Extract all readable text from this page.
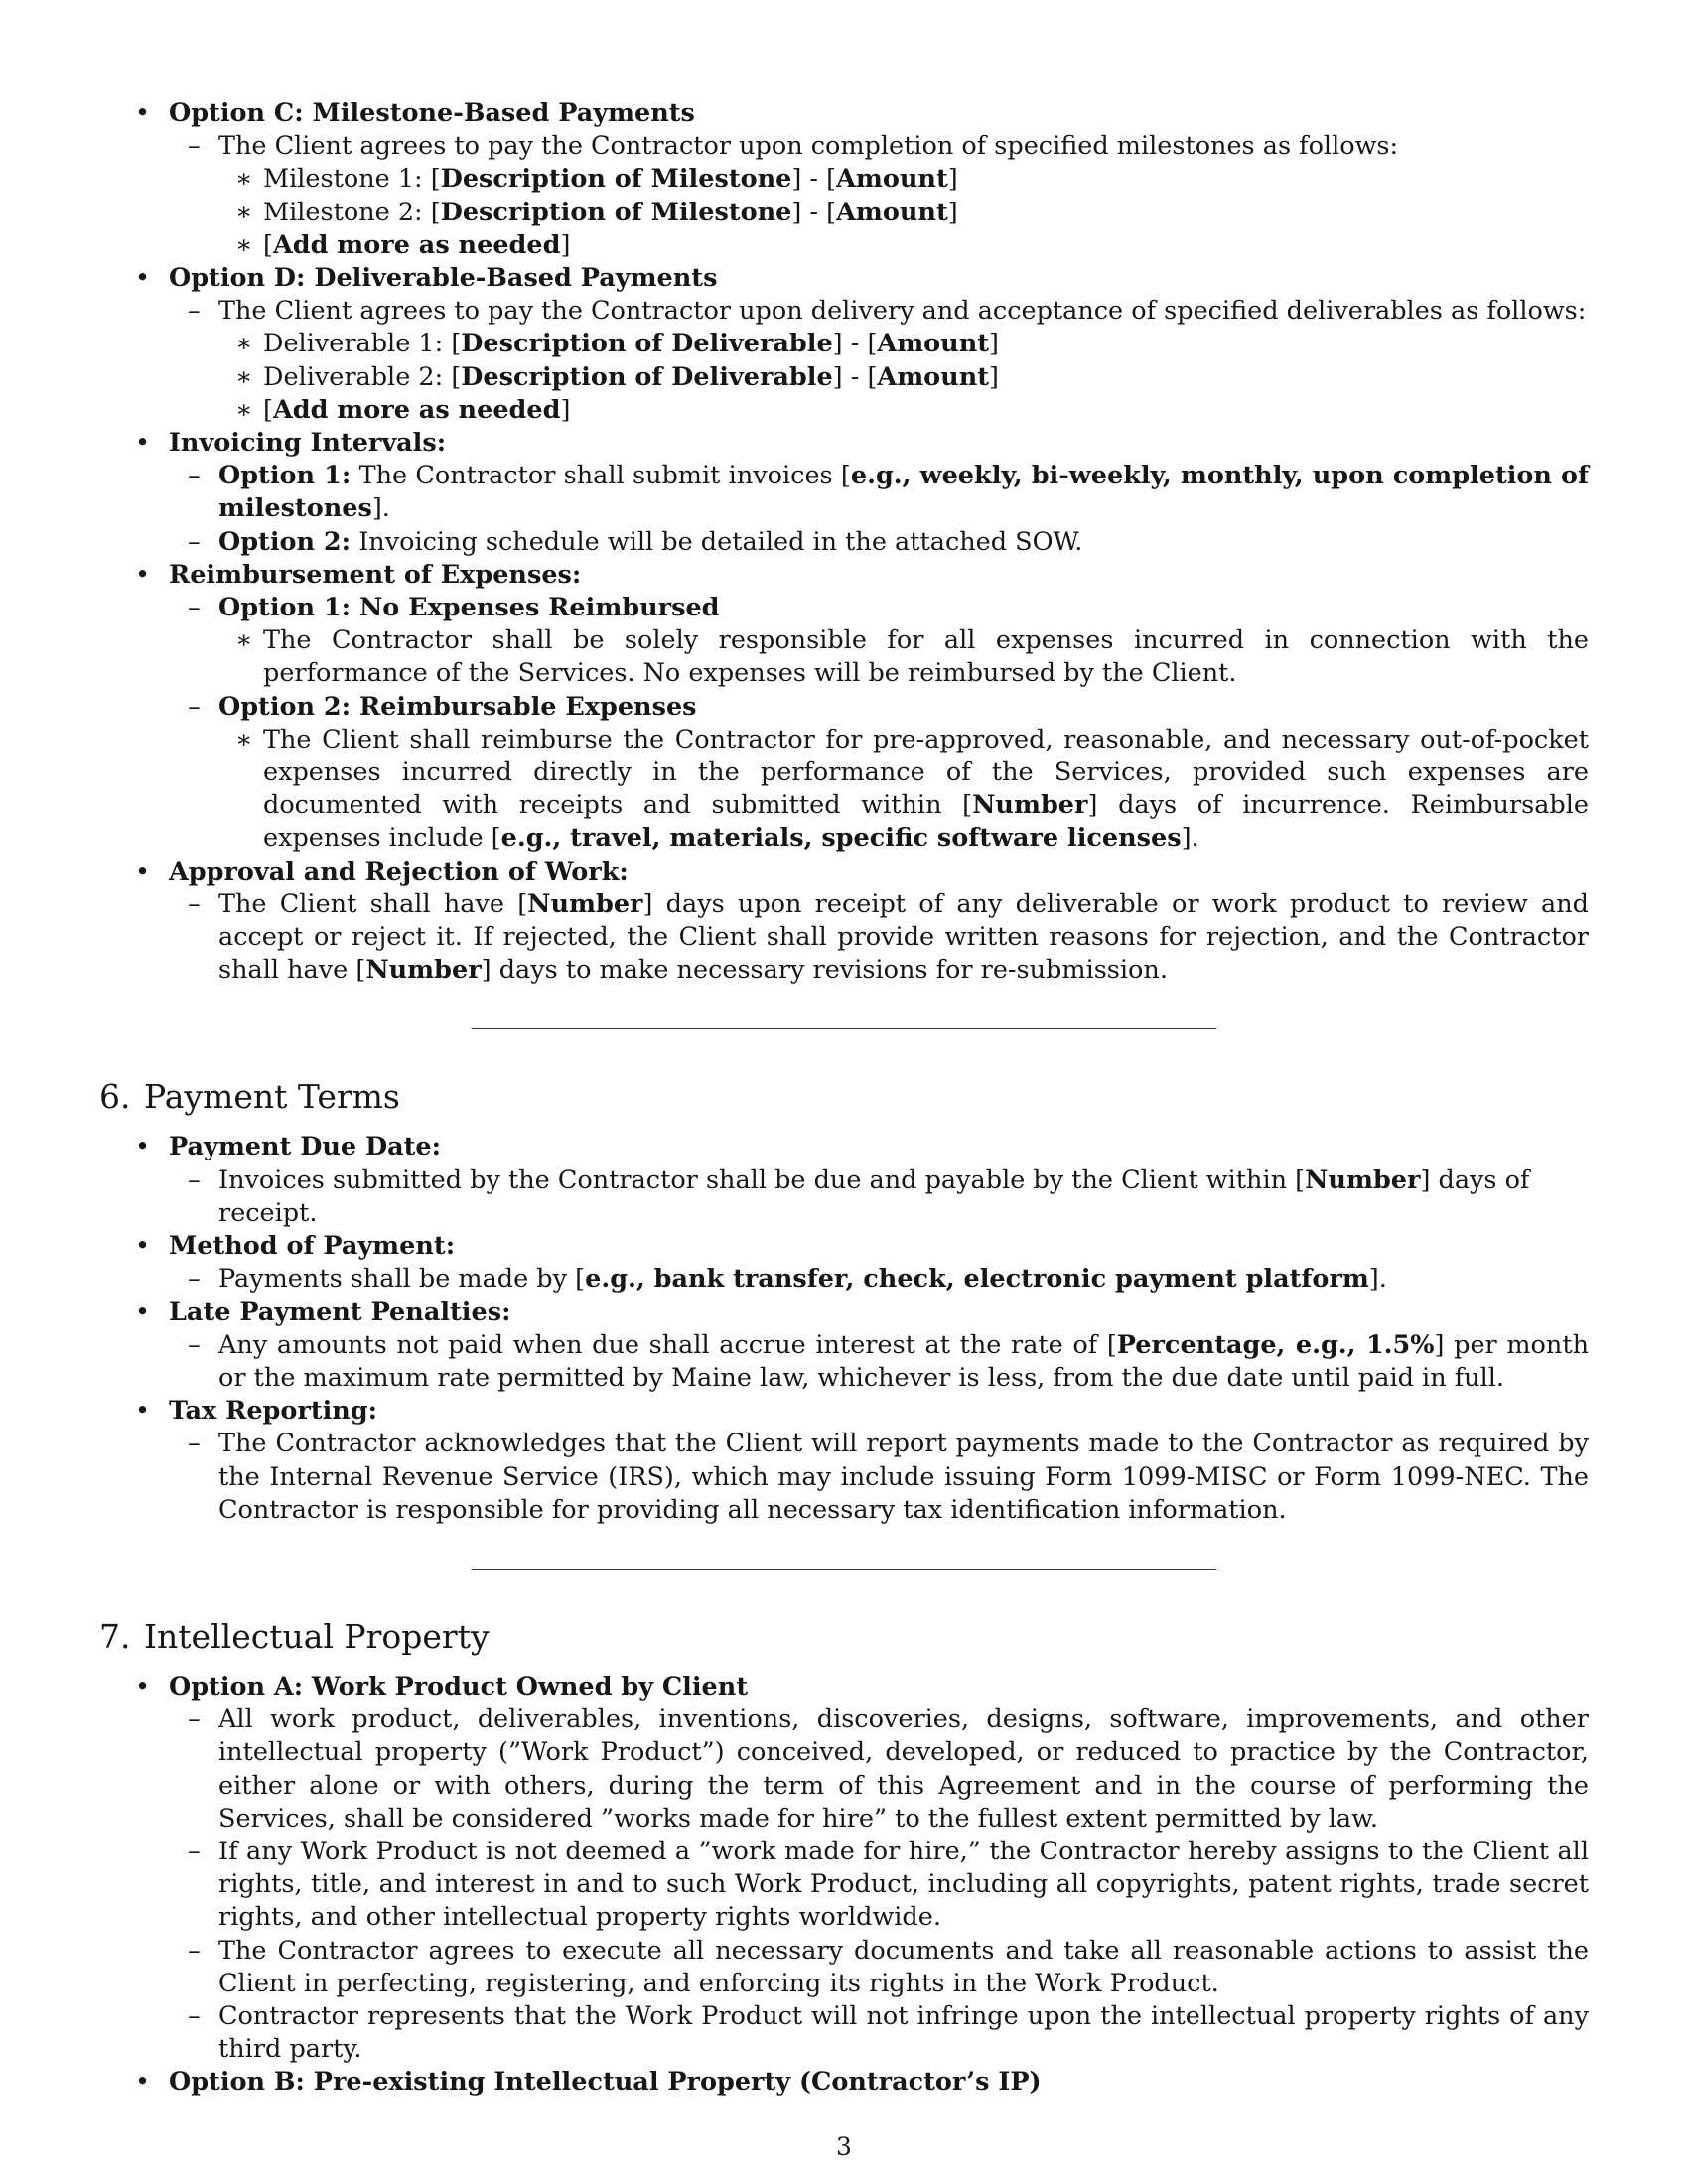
• Option C: Milestone-Based Payments
– The Client agrees to pay the Contractor upon completion of specified milestones as follows:
∗ Milestone 1: [Description of Milestone] - [Amount]
∗ Milestone 2: [Description of Milestone] - [Amount]
∗ [Add more as needed]
• Option D: Deliverable-Based Payments
– The Client agrees to pay the Contractor upon delivery and acceptance of specified deliverables as follows:
∗ Deliverable 1: [Description of Deliverable] - [Amount]
∗ Deliverable 2: [Description of Deliverable] - [Amount]
∗ [Add more as needed]
• Invoicing Intervals:
– Option 1: The Contractor shall submit invoices [e.g., weekly, bi-weekly, monthly, upon completion of milestones].
– Option 2: Invoicing schedule will be detailed in the attached SOW.
• Reimbursement of Expenses:
– Option 1: No Expenses Reimbursed
∗ The Contractor shall be solely responsible for all expenses incurred in connection with the performance of the Services. No expenses will be reimbursed by the Client.
– Option 2: Reimbursable Expenses
∗ The Client shall reimburse the Contractor for pre-approved, reasonable, and necessary out-of-pocket expenses incurred directly in the performance of the Services, provided such expenses are documented with receipts and submitted within [Number] days of incurrence. Reimbursable expenses include [e.g., travel, materials, specific software licenses].
• Approval and Rejection of Work:
– The Client shall have [Number] days upon receipt of any deliverable or work product to review and accept or reject it. If rejected, the Client shall provide written reasons for rejection, and the Contractor shall have [Number] days to make necessary revisions for re-submission.
6. Payment Terms
• Payment Due Date:
– Invoices submitted by the Contractor shall be due and payable by the Client within [Number] days of receipt.
• Method of Payment:
– Payments shall be made by [e.g., bank transfer, check, electronic payment platform].
• Late Payment Penalties:
– Any amounts not paid when due shall accrue interest at the rate of [Percentage, e.g., 1.5%] per month or the maximum rate permitted by Maine law, whichever is less, from the due date until paid in full.
• Tax Reporting:
– The Contractor acknowledges that the Client will report payments made to the Contractor as required by the Internal Revenue Service (IRS), which may include issuing Form 1099-MISC or Form 1099-NEC. The Contractor is responsible for providing all necessary tax identification information.
7. Intellectual Property
• Option A: Work Product Owned by Client
– All work product, deliverables, inventions, discoveries, designs, software, improvements, and other intellectual property (”Work Product”) conceived, developed, or reduced to practice by the Contractor, either alone or with others, during the term of this Agreement and in the course of performing the Services, shall be considered ”works made for hire” to the fullest extent permitted by law.
– If any Work Product is not deemed a ”work made for hire,” the Contractor hereby assigns to the Client all rights, title, and interest in and to such Work Product, including all copyrights, patent rights, trade secret rights, and other intellectual property rights worldwide.
– The Contractor agrees to execute all necessary documents and take all reasonable actions to assist the Client in perfecting, registering, and enforcing its rights in the Work Product.
– Contractor represents that the Work Product will not infringe upon the intellectual property rights of any third party.
• Option B: Pre-existing Intellectual Property (Contractor’s IP)
3
